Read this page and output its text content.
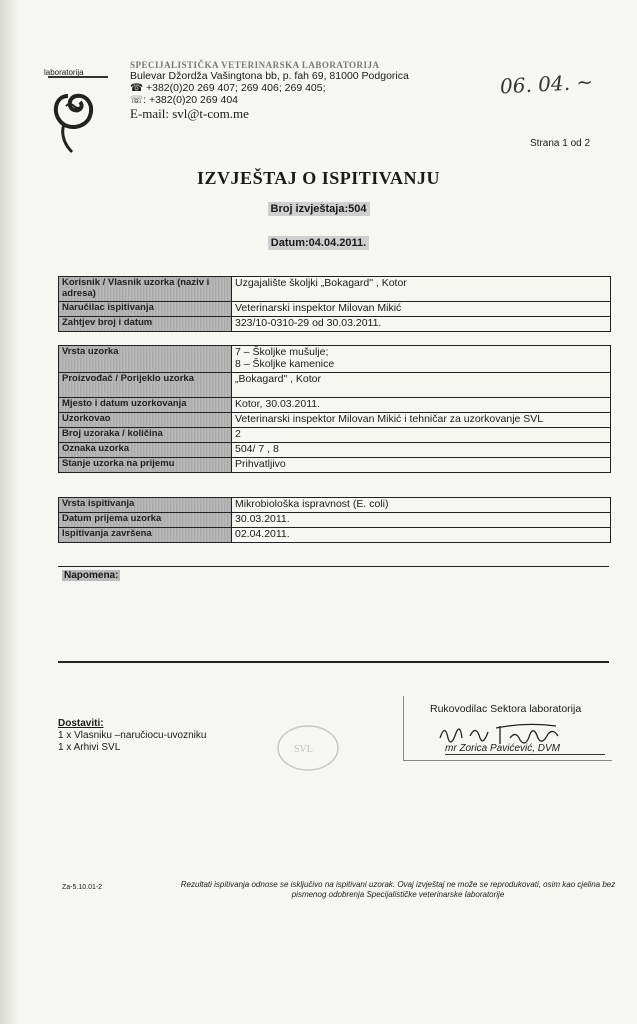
laboratorija
SPECIJALISTIČKA VETERINARSKA LABORATORIJA
Bulevar Džordža Vašingtona bb, p. fah 69, 81000 Podgorica
☎ +382(0)20 269 407; 269 406; 269 405;
☏: +382(0)20 269 404
E-mail: svl@t-com.me
06. 04. ~
Strana 1 od 2
IZVJEŠTAJ O ISPITIVANJU
Broj izvještaja:504
Datum:04.04.2011.
Korisnik / Vlasnik uzorka (naziv i adresa)	Uzgajalište školjki „Bokagard" , Kotor
Naručilac ispitivanja	Veterinarski inspektor Milovan Mikić
Zahtjev broj i datum	323/10-0310-29 od 30.03.2011.
Vrsta uzorka	7 – Školjke mušulje;
8 – Školjke kamenice

Proizvođač / Porijeklo uzorka	„Bokagard" , Kotor
Mjesto i datum uzorkovanja	Kotor, 30.03.2011.
Uzorkovao	Veterinarski inspektor Milovan Mikić i tehničar za uzorkovanje SVL
Broj uzoraka / količina	2
Oznaka uzorka	504/ 7 , 8
Stanje uzorka na prijemu	Prihvatljivo
Vrsta ispitivanja	Mikrobiološka ispravnost (E. coli)
Datum prijema uzorka	30.03.2011.
Ispitivanja završena	02.04.2011.
Napomena:
Rukovodilac Sektora laboratorija
mr Zorica Pavićević, DVM
SVL
Dostaviti:
1 x Vlasniku –naručiocu-uvozniku
1 x Arhivi SVL
Za-5.10.01-2	Rezultati ispitivanja odnose se isključivo na ispitivani uzorak. Ovaj izvještaj ne može se reprodukovati, osim kao cjelina bez pismenog odobrenja Specijalističke veterinarske laboratorije
